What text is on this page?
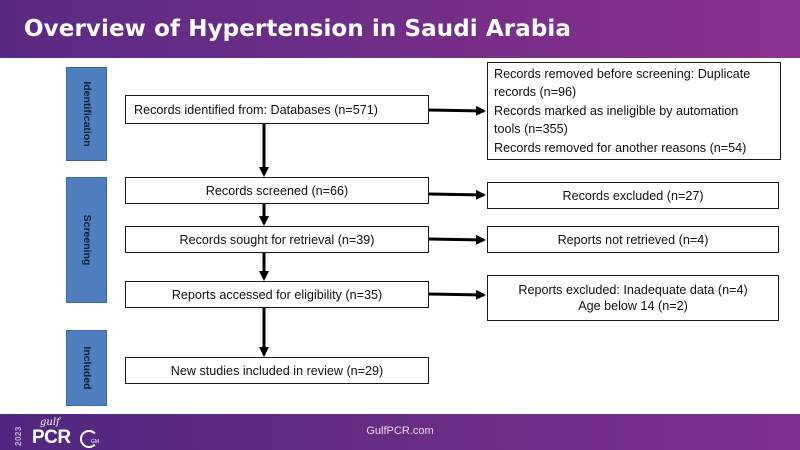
Overview of Hypertension in Saudi Arabia
Identification
Screening
Included
Records identified from: Databases (n=571)
Records screened (n=66)
Records sought for retrieval (n=39)
Reports accessed for eligibility (n=35)
New studies included in review (n=29)
Records removed before screening: Duplicate
records (n=96)
Records marked as ineligible by automation
tools (n=355)
Records removed for another reasons (n=54)
Records excluded (n=27)
Reports not retrieved (n=4)
Reports excluded: Inadequate data (n=4)
Age below 14 (n=2)
2023
gulf
PCR	GM
GulfPCR.com
